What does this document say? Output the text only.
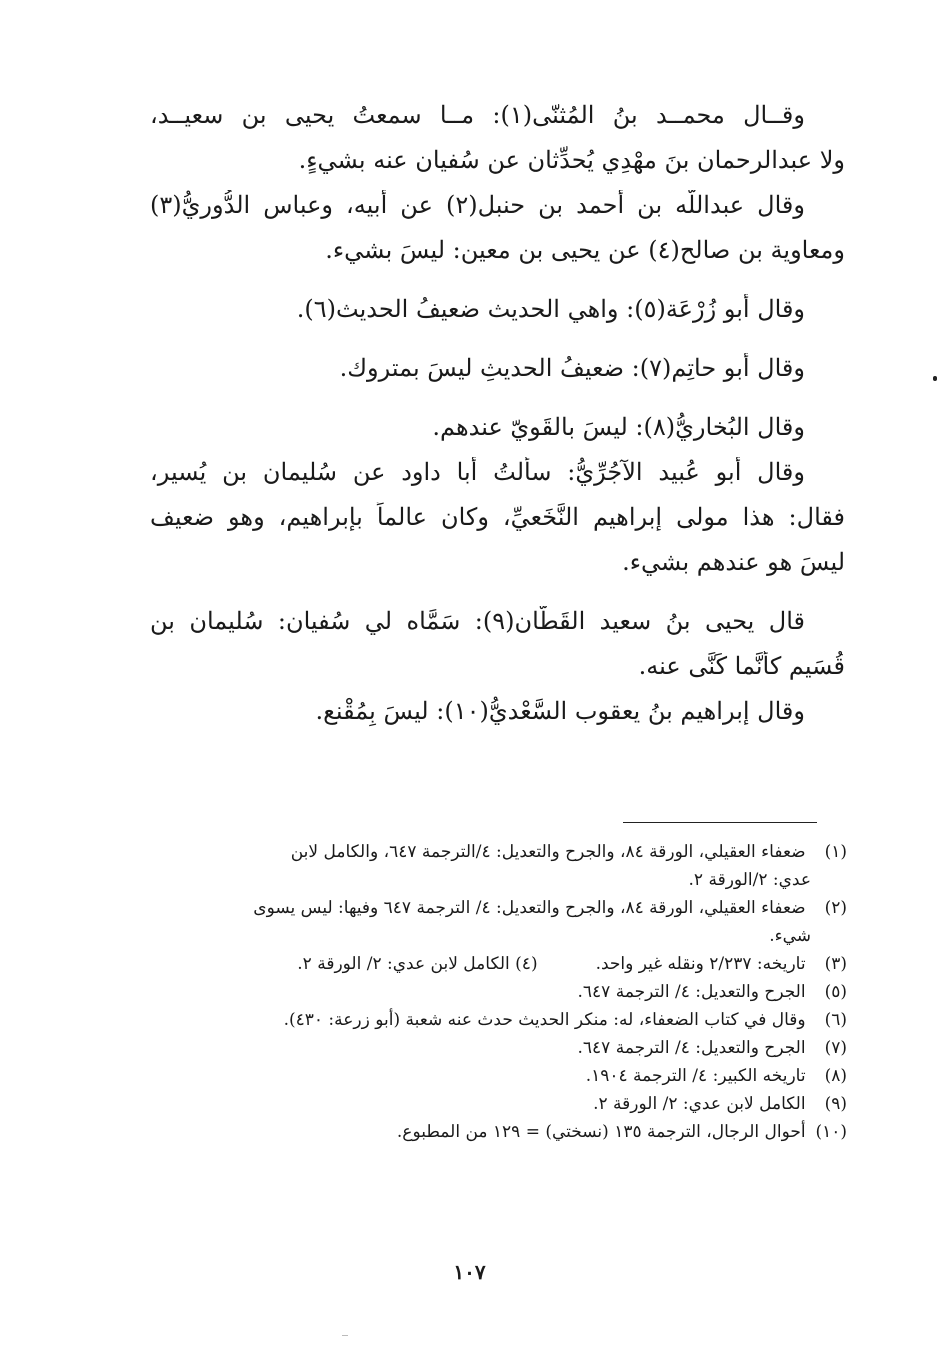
وقــال محمــد بنُ المُثنّى(١): مــا سمعتُ يحيى بن سعيــد،
ولا عبدالرحمان بنَ مهْدِي يُحدِّثان عن سُفيان عنه بشيءٍ.
وقال عبداللَّه بن أحمد بن حنبل(٢) عن أبيه، وعباس الدُّوريُّ(٣)
ومعاوية بن صالح(٤) عن يحيى بن معين: ليسَ بشيء.
وقال أبو زُرْعَة(٥): واهي الحديث ضعيفُ الحديث(٦).
وقال أبو حاتِم(٧): ضعيفُ الحديثِ ليسَ بمتروك.
وقال البُخاريُّ(٨): ليسَ بالقَويّ عندهم.
وقال أبو عُبيد الآجُرِّيُّ: سألتُ أبا داود عن سُليمان بن يُسير،
فقال: هذا مولى إبراهيم النَّخَعيِّ، وكان عالماً بإبراهيم، وهو ضعيف
ليسَ هو عندهم بشيء.
قال يحيى بنُ سعيد القَطَّان(٩): سَمَّاه لي سُفيان: سُليمان بن
قُسَيم كأنَّما كَنَّى عنه.
وقال إبراهيم بنُ يعقوب السَّعْديُّ(١٠): ليسَ بِمُقْنع.
(١) ضعفاء العقيلي، الورقة ٨٤، والجرح والتعديل: ٤/الترجمة ٦٤٧، والكامل لابن
عدي: ٢/الورقة ٢.
(٢) ضعفاء العقيلي، الورقة ٨٤، والجرح والتعديل: ٤/ الترجمة ٦٤٧ وفيها: ليس يسوى
شيء.
(٣) تاريخه: ٢/٢٣٧ ونقله غير واحد.
(٤) الكامل لابن عدي: ٢/ الورقة ٢.
(٥) الجرح والتعديل: ٤/ الترجمة ٦٤٧.
(٦) وقال في كتاب الضعفاء، له: منكر الحديث حدث عنه شعبة (أبو زرعة: ٤٣٠).
(٧) الجرح والتعديل: ٤/ الترجمة ٦٤٧.
(٨) تاريخه الكبير: ٤/ الترجمة ١٩٠٤.
(٩) الكامل لابن عدي: ٢/ الورقة ٢.
(١٠) أحوال الرجال، الترجمة ١٣٥ (نسختي) = ١٢٩ من المطبوع.
١٠٧
